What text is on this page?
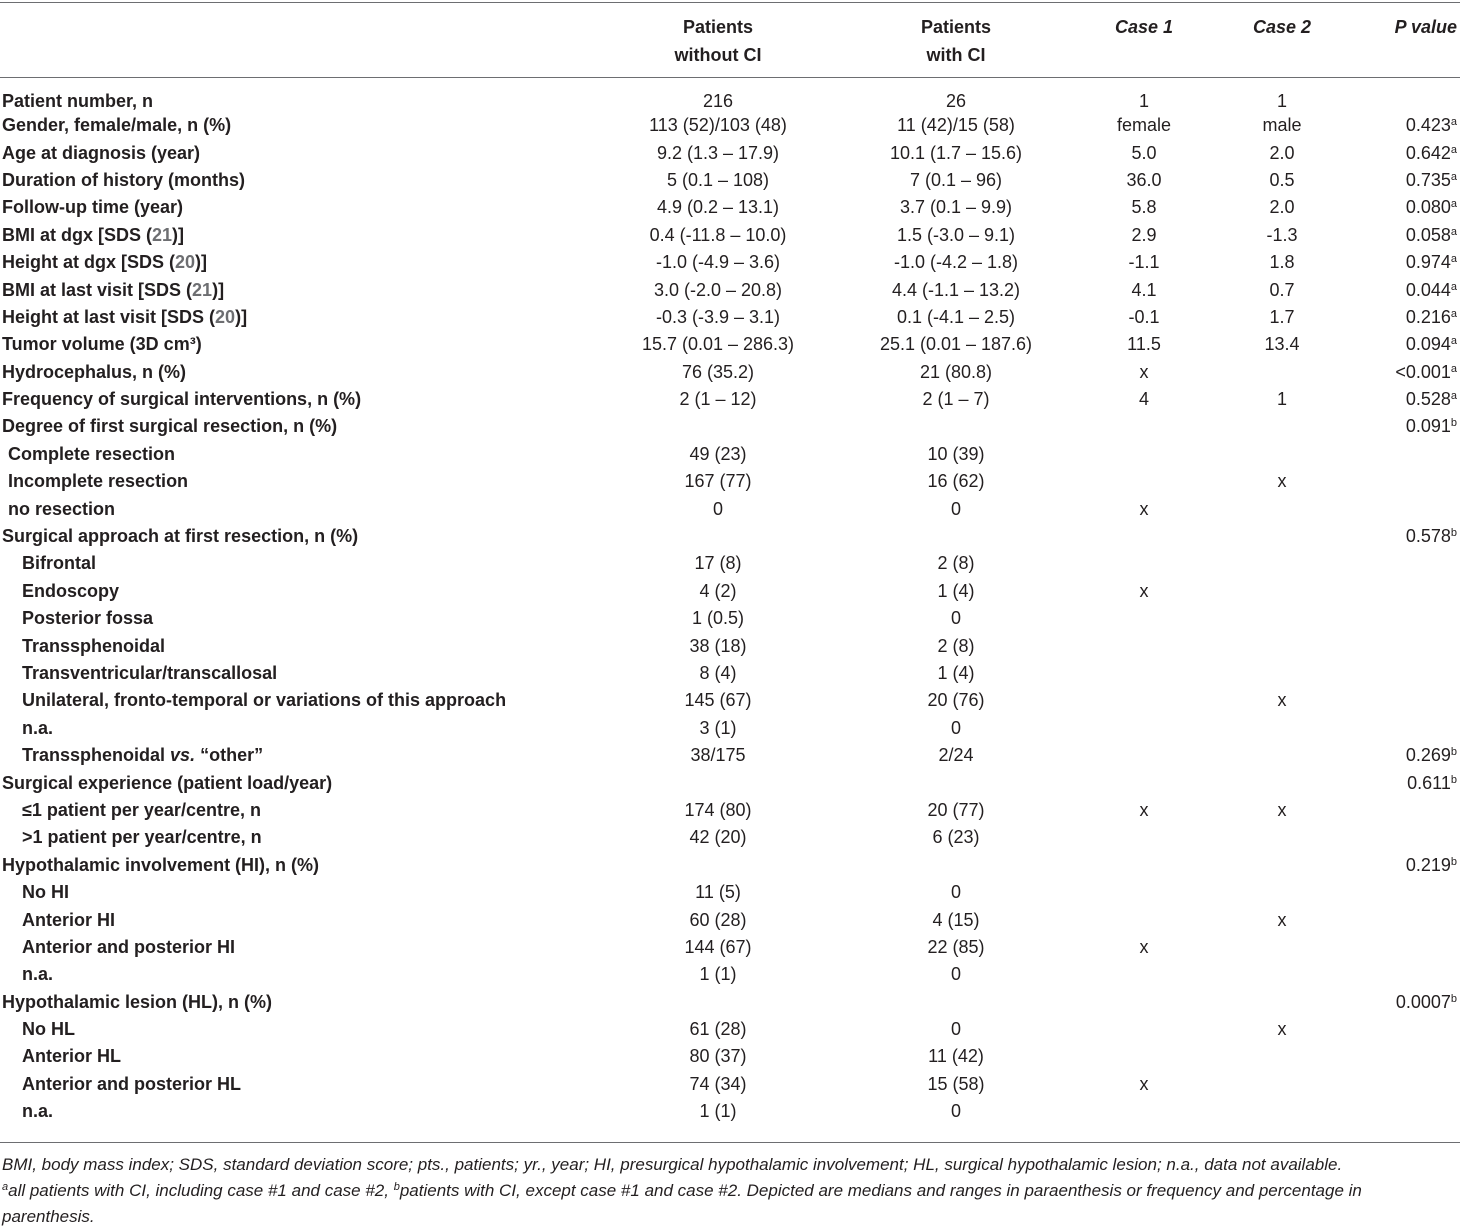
	Patients without CI	Patients with CI	Case 1	Case 2	P value
Patient number, n	216	26	1	1	
Gender, female/male, n (%)	113 (52)/103 (48)	11 (42)/15 (58)	female	male	0.423$^a$
Age at diagnosis (year)	9.2 (1.3 – 17.9)	10.1 (1.7 – 15.6)	5.0	2.0	0.642$^a$
Duration of history (months)	5 (0.1 – 108)	7 (0.1 – 96)	36.0	0.5	0.735$^a$
Follow-up time (year)	4.9 (0.2 – 13.1)	3.7 (0.1 – 9.9)	5.8	2.0	0.080$^a$
BMI at dgx [SDS (21)]	0.4 (-11.8 – 10.0)	1.5 (-3.0 – 9.1)	2.9	-1.3	0.058$^a$
Height at dgx [SDS (20)]	-1.0 (-4.9 – 3.6)	-1.0 (-4.2 – 1.8)	-1.1	1.8	0.974$^a$
BMI at last visit [SDS (21)]	3.0 (-2.0 – 20.8)	4.4 (-1.1 – 13.2)	4.1	0.7	0.044$^a$
Height at last visit [SDS (20)]	-0.3 (-3.9 – 3.1)	0.1 (-4.1 – 2.5)	-0.1	1.7	0.216$^a$
Tumor volume (3D cm³)	15.7 (0.01 – 286.3)	25.1 (0.01 – 187.6)	11.5	13.4	0.094$^a$
Hydrocephalus, n (%)	76 (35.2)	21 (80.8)	x		<0.001$^a$
Frequency of surgical interventions, n (%)	2 (1 – 12)	2 (1 – 7)	4	1	0.528$^a$
Degree of first surgical resection, n (%)					0.091$^b$
Complete resection	49 (23)	10 (39)			
Incomplete resection	167 (77)	16 (62)		x	
no resection	0	0	x		
Surgical approach at first resection, n (%)					0.578$^b$
Bifrontal	17 (8)	2 (8)			
Endoscopy	4 (2)	1 (4)	x		
Posterior fossa	1 (0.5)	0			
Transsphenoidal	38 (18)	2 (8)			
Transventricular/transcallosal	8 (4)	1 (4)			
Unilateral, fronto-temporal or variations of this approach	145 (67)	20 (76)		x	
n.a.	3 (1)	0			
Transsphenoidal vs. “other”	38/175	2/24			0.269$^b$
Surgical experience (patient load/year)					0.611$^b$
≤1 patient per year/centre, n	174 (80)	20 (77)	x	x	
>1 patient per year/centre, n	42 (20)	6 (23)			
Hypothalamic involvement (HI), n (%)					0.219$^b$
No HI	11 (5)	0			
Anterior HI	60 (28)	4 (15)		x	
Anterior and posterior HI	144 (67)	22 (85)	x		
n.a.	1 (1)	0			
Hypothalamic lesion (HL), n (%)					0.0007$^b$
No HL	61 (28)	0		x	
Anterior HL	80 (37)	11 (42)			
Anterior and posterior HL	74 (34)	15 (58)	x		
n.a.	1 (1)	0			

BMI, body mass index; SDS, standard deviation score; pts., patients; yr., year; HI, presurgical hypothalamic involvement; HL, surgical hypothalamic lesion; n.a., data not available.

$^a$all patients with CI, including case #1 and case #2, $^b$patients with CI, except case #1 and case #2. Depicted are medians and ranges in paraenthesis or frequency and percentage in parenthesis.
